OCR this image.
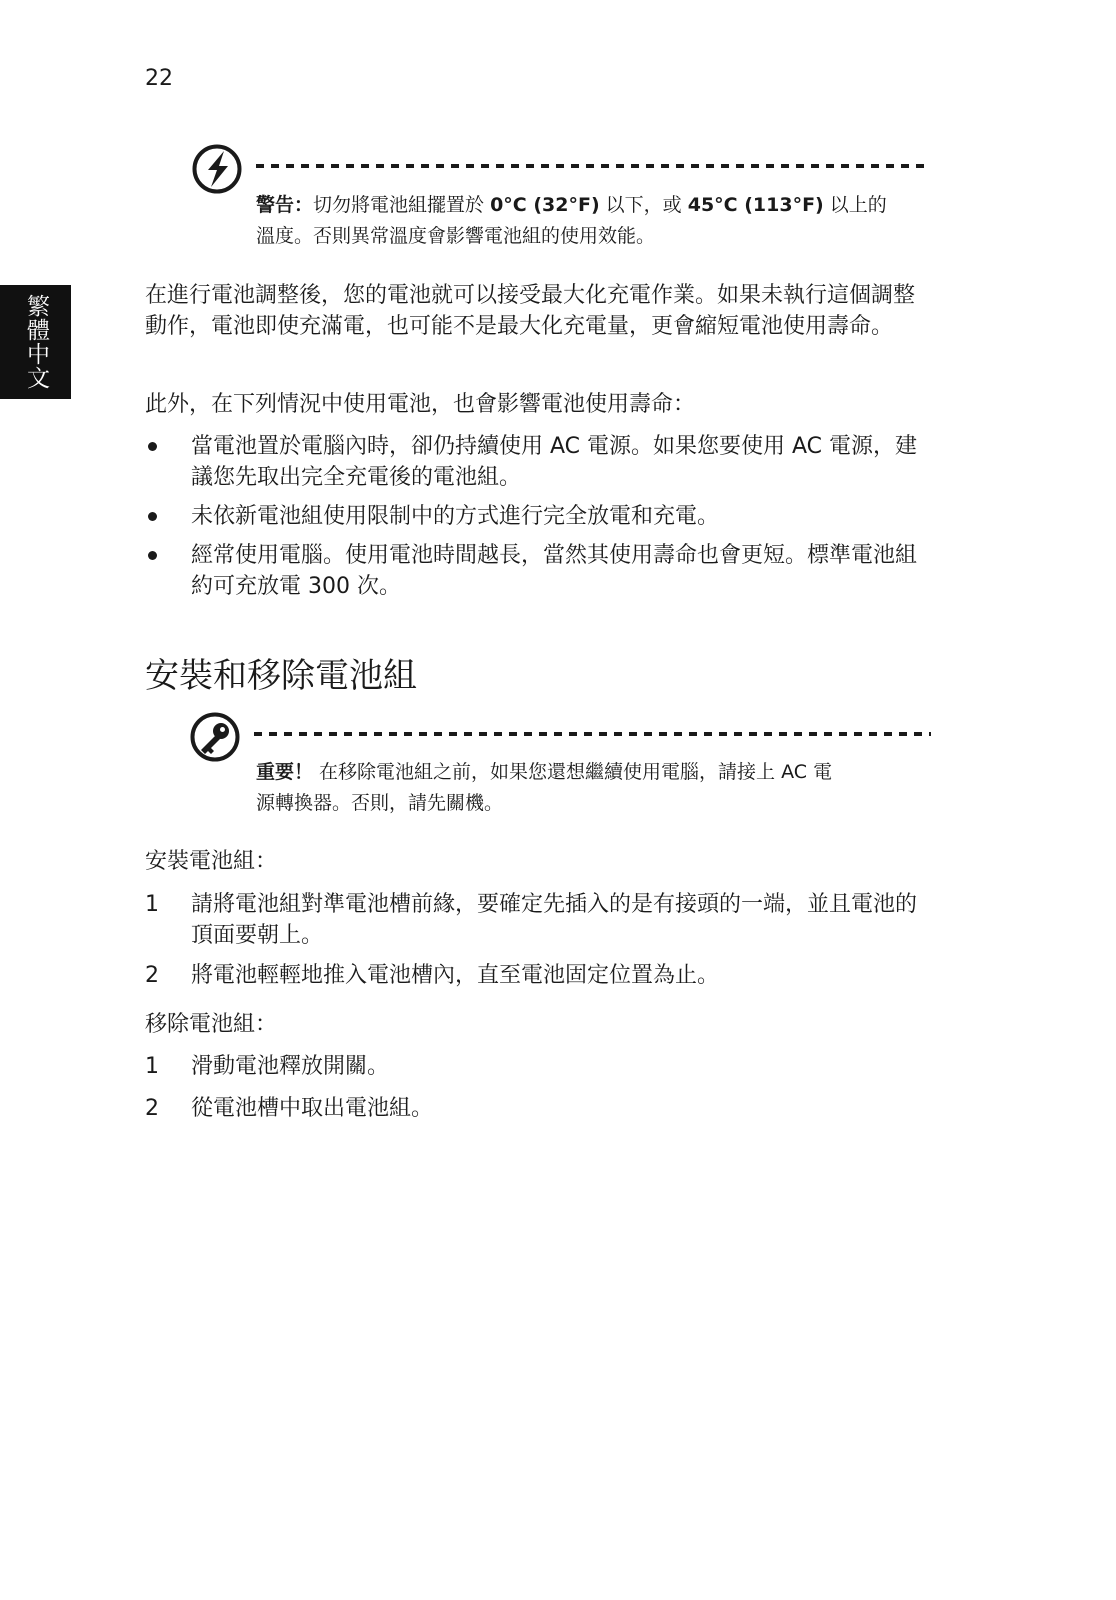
22
繁體中文
警告：切勿將電池組擺置於 0°C (32°F) 以下，或 45°C (113°F) 以上的
溫度。否則異常溫度會影響電池組的使用效能。

在進行電池調整後，您的電池就可以接受最大化充電作業。如果未執行這個調整動作，電池即使充滿電，也可能不是最大化充電量，更會縮短電池使用壽命。

此外，在下列情況中使用電池，也會影響電池使用壽命：

當電池置於電腦內時，卻仍持續使用 AC 電源。如果您要使用 AC 電源，建議您先取出完全充電後的電池組。
未依新電池組使用限制中的方式進行完全放電和充電。
經常使用電腦。使用電池時間越長，當然其使用壽命也會更短。標準電池組約可充放電 300 次。
安裝和移除電池組
重要！ 在移除電池組之前，如果您還想繼續使用電腦，請接上 AC 電
源轉換器。否則，請先關機。

安裝電池組：

1	請將電池組對準電池槽前緣，要確定先插入的是有接頭的一端，並且電池的頂面要朝上。
2	將電池輕輕地推入電池槽內，直至電池固定位置為止。

移除電池組：

1	滑動電池釋放開關。
2	從電池槽中取出電池組。
